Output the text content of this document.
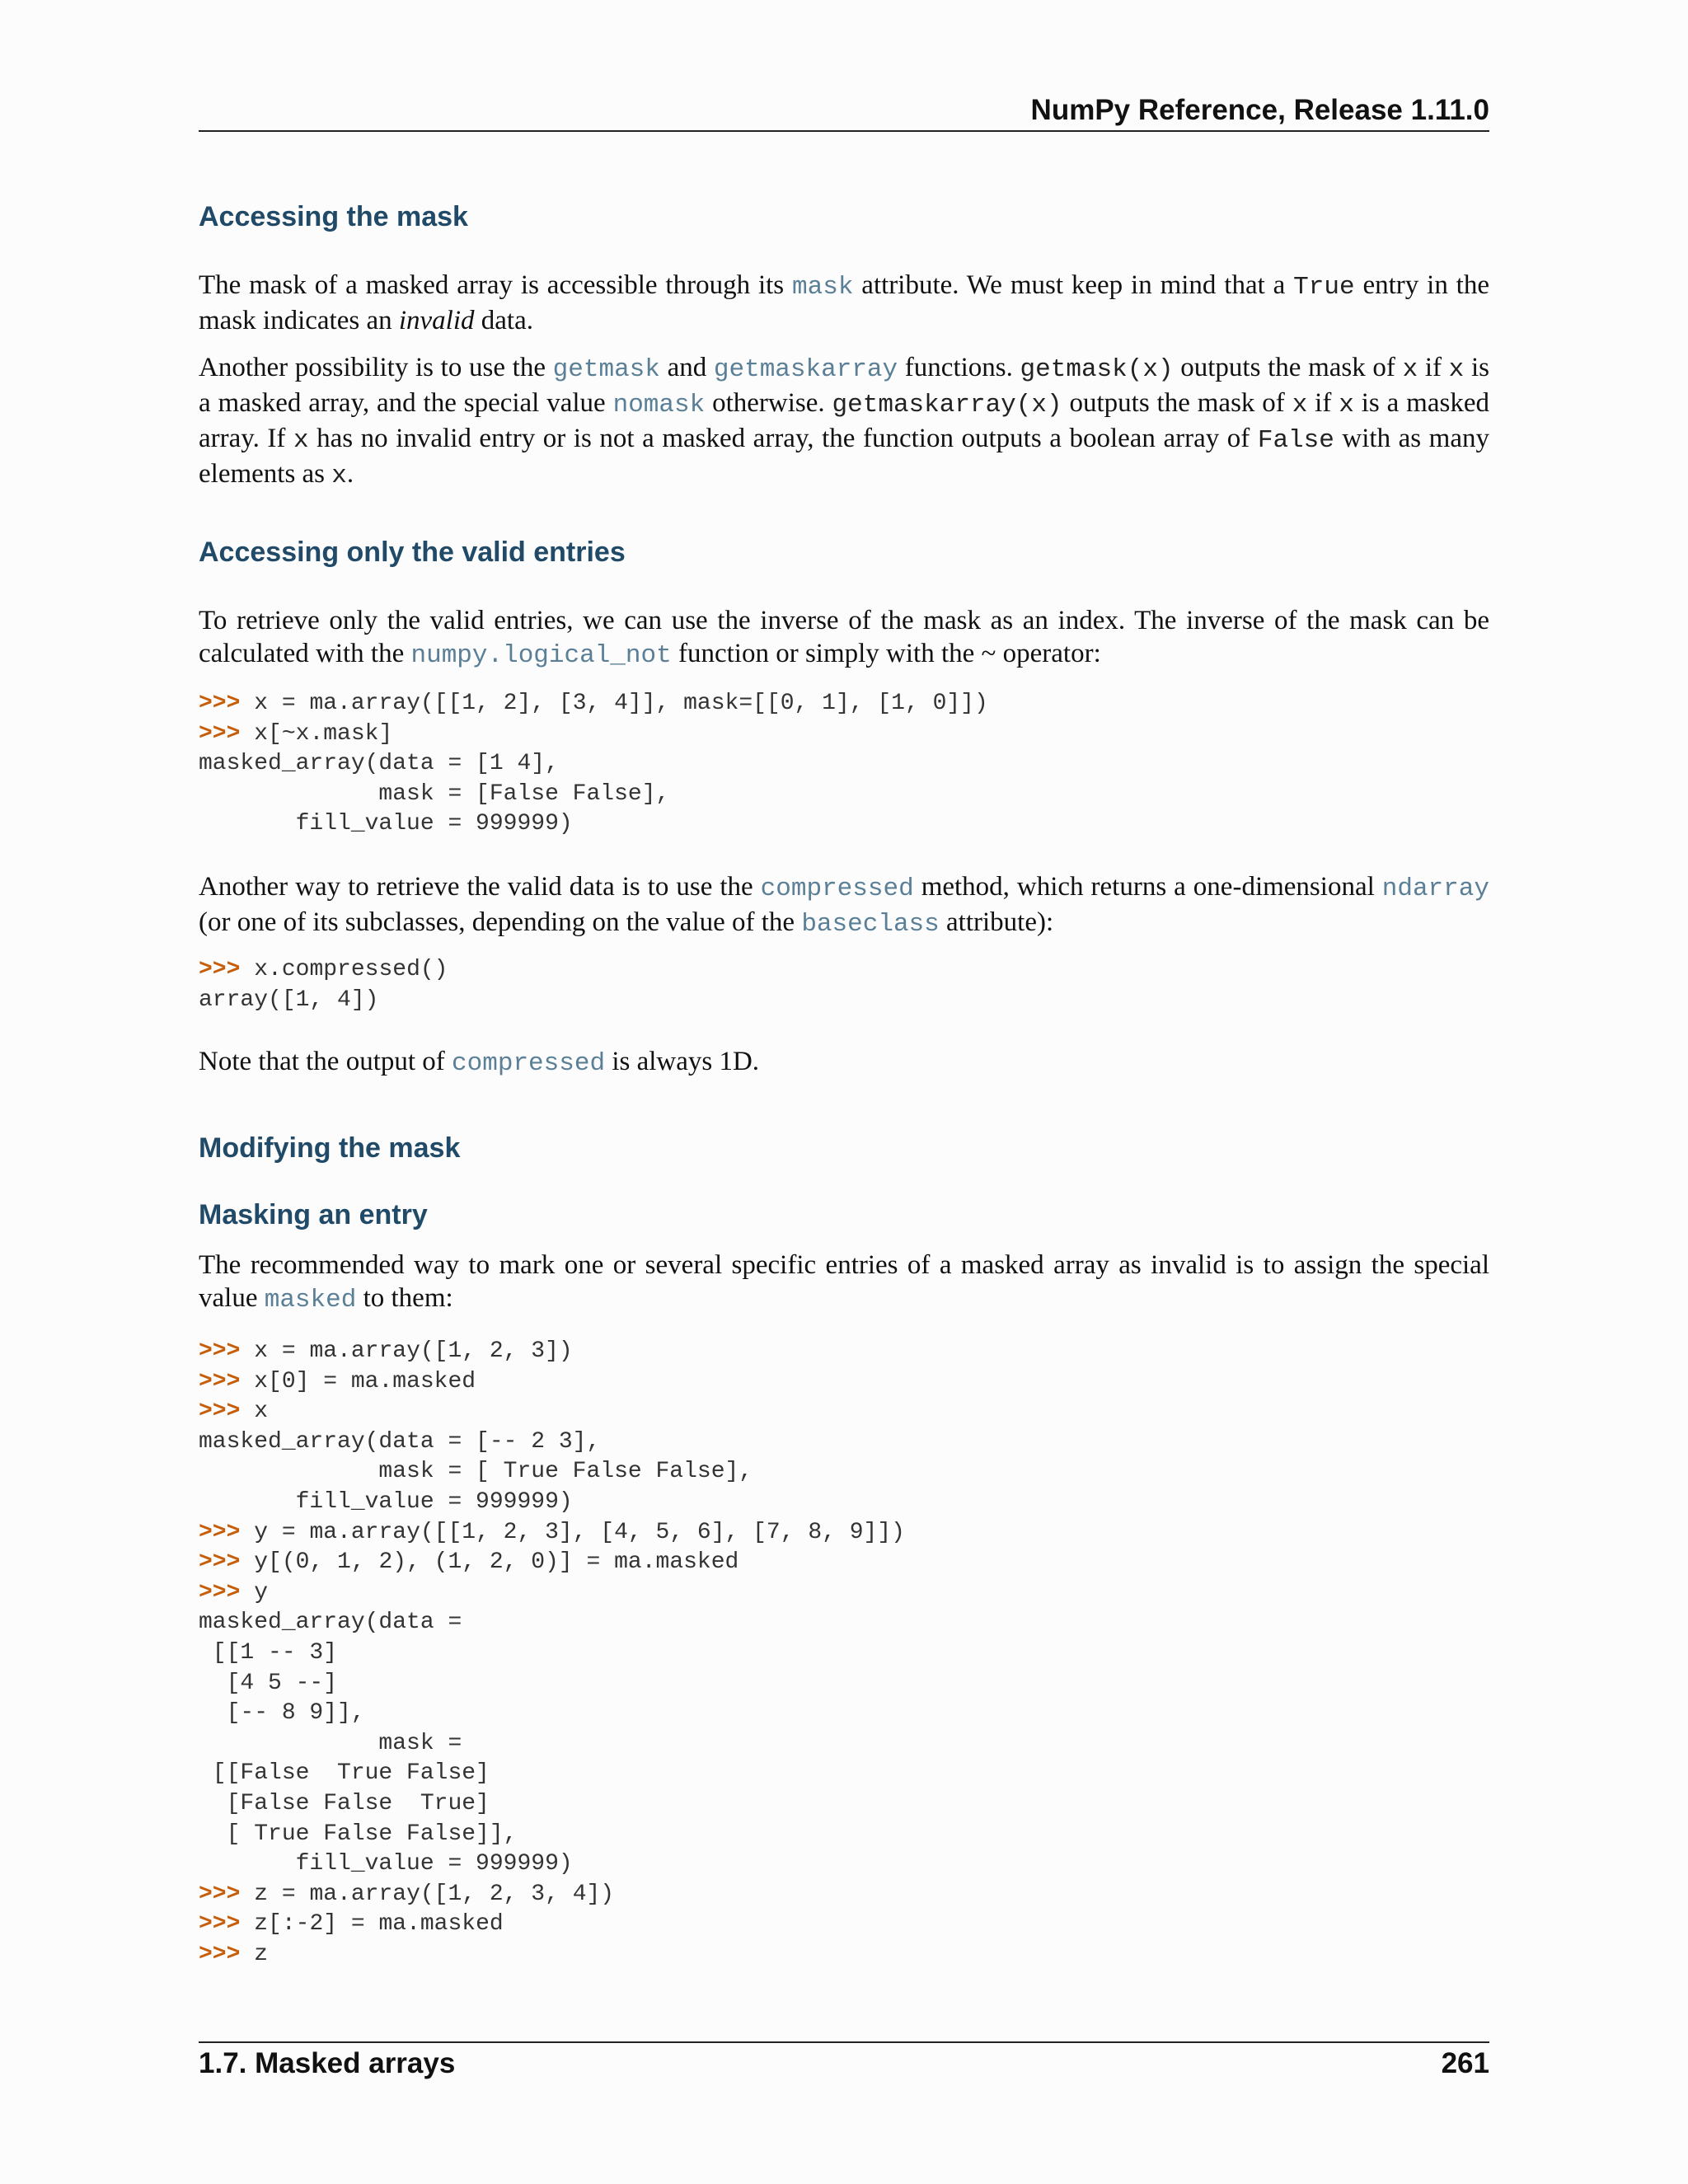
NumPy Reference, Release 1.11.0
Accessing the mask

The mask of a masked array is accessible through its mask attribute. We must keep in mind that a True entry in the mask indicates an invalid data.

Another possibility is to use the getmask and getmaskarray functions. getmask(x) outputs the mask of x if x is a masked array, and the special value nomask otherwise. getmaskarray(x) outputs the mask of x if x is a masked array. If x has no invalid entry or is not a masked array, the function outputs a boolean array of False with as many elements as x.

Accessing only the valid entries

To retrieve only the valid entries, we can use the inverse of the mask as an index. The inverse of the mask can be calculated with the numpy.logical_not function or simply with the ~ operator:

>>> x = ma.array([[1, 2], [3, 4]], mask=[[0, 1], [1, 0]])
>>> x[~x.mask]
masked_array(data = [1 4],
mask = [False False],
fill_value = 999999)

Another way to retrieve the valid data is to use the compressed method, which returns a one-dimensional ndarray (or one of its subclasses, depending on the value of the baseclass attribute):

>>> x.compressed()
array([1, 4])

Note that the output of compressed is always 1D.

Modifying the mask
Masking an entry

The recommended way to mark one or several specific entries of a masked array as invalid is to assign the special value masked to them:

>>> x = ma.array([1, 2, 3])
>>> x[0] = ma.masked
>>> x
masked_array(data = [-- 2 3],
mask = [ True False False],
fill_value = 999999)
>>> y = ma.array([[1, 2, 3], [4, 5, 6], [7, 8, 9]])
>>> y[(0, 1, 2), (1, 2, 0)] = ma.masked
>>> y
masked_array(data =
[[1 -- 3]
[4 5 --]
[-- 8 9]],
mask =
[[False  True False]
[False False  True]
[ True False False]],
fill_value = 999999)
>>> z = ma.array([1, 2, 3, 4])
>>> z[:-2] = ma.masked
>>> z
1.7. Masked arrays	261
